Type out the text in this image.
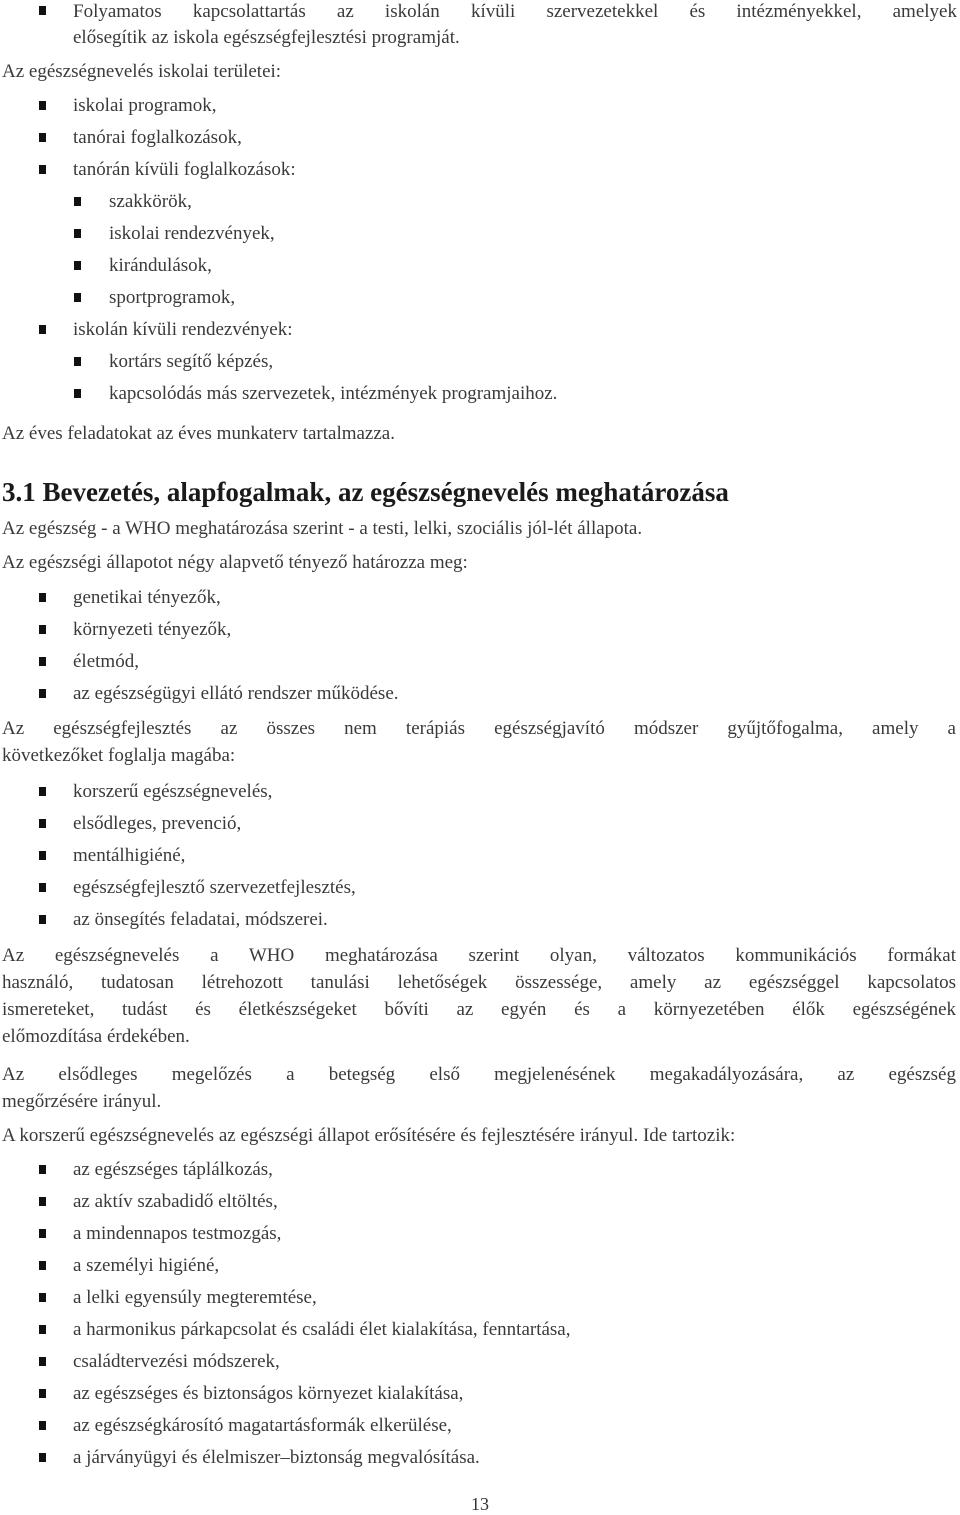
Folyamatos kapcsolattartás az iskolán kívüli szervezetekkel és intézményekkel, amelyek
elősegítik az iskola egészségfejlesztési programját.

Az egészségnevelés iskolai területei:

iskolai programok,
tanórai foglalkozások,
tanórán kívüli foglalkozások:
szakkörök,
iskolai rendezvények,
kirándulások,
sportprogramok,
iskolán kívüli rendezvények:
kortárs segítő képzés,
kapcsolódás más szervezetek, intézmények programjaihoz.

Az éves feladatokat az éves munkaterv tartalmazza.

3.1 Bevezetés, alapfogalmak, az egészségnevelés meghatározása

Az egészség - a WHO meghatározása szerint - a testi, lelki, szociális jól-lét állapota.

Az egészségi állapotot négy alapvető tényező határozza meg:

genetikai tényezők,
környezeti tényezők,
életmód,
az egészségügyi ellátó rendszer működése.

Az egészségfejlesztés az összes nem terápiás egészségjavító módszer gyűjtőfogalma, amely a

következőket foglalja magába:

korszerű egészségnevelés,
elsődleges, prevenció,
mentálhigiéné,
egészségfejlesztő szervezetfejlesztés,
az önsegítés feladatai, módszerei.

Az egészségnevelés a WHO meghatározása szerint olyan, változatos kommunikációs formákat

használó, tudatosan létrehozott tanulási lehetőségek összessége, amely az egészséggel kapcsolatos

ismereteket, tudást és életkészségeket bővíti az egyén és a környezetében élők egészségének

előmozdítása érdekében.

Az elsődleges megelőzés a betegség első megjelenésének megakadályozására, az egészség

megőrzésére irányul.

A korszerű egészségnevelés az egészségi állapot erősítésére és fejlesztésére irányul. Ide tartozik:

az egészséges táplálkozás,
az aktív szabadidő eltöltés,
a mindennapos testmozgás,
a személyi higiéné,
a lelki egyensúly megteremtése,
a harmonikus párkapcsolat és családi élet kialakítása, fenntartása,
családtervezési módszerek,
az egészséges és biztonságos környezet kialakítása,
az egészségkárosító magatartásformák elkerülése,
a járványügyi és élelmiszer–biztonság megvalósítása.
13
